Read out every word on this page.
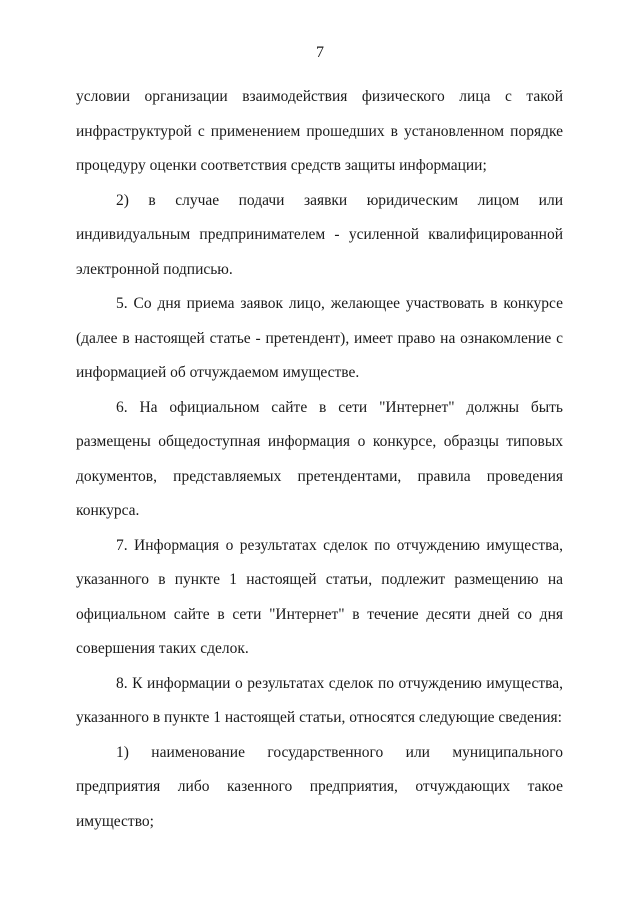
7

условии организации взаимодействия физического лица с такой инфраструктурой с применением прошедших в установленном порядке процедуру оценки соответствия средств защиты информации;

2) в случае подачи заявки юридическим лицом или индивидуальным предпринимателем - усиленной квалифицированной электронной подписью.

5. Со дня приема заявок лицо, желающее участвовать в конкурсе (далее в настоящей статье - претендент), имеет право на ознакомление с информацией об отчуждаемом имуществе.

6. На официальном сайте в сети "Интернет" должны быть размещены общедоступная информация о конкурсе, образцы типовых документов, представляемых претендентами, правила проведения конкурса.

7. Информация о результатах сделок по отчуждению имущества, указанного в пункте 1 настоящей статьи, подлежит размещению на официальном сайте в сети "Интернет" в течение десяти дней со дня совершения таких сделок.

8. К информации о результатах сделок по отчуждению имущества, указанного в пункте 1 настоящей статьи, относятся следующие сведения:

1) наименование государственного или муниципального предприятия либо казенного предприятия, отчуждающих такое имущество;
